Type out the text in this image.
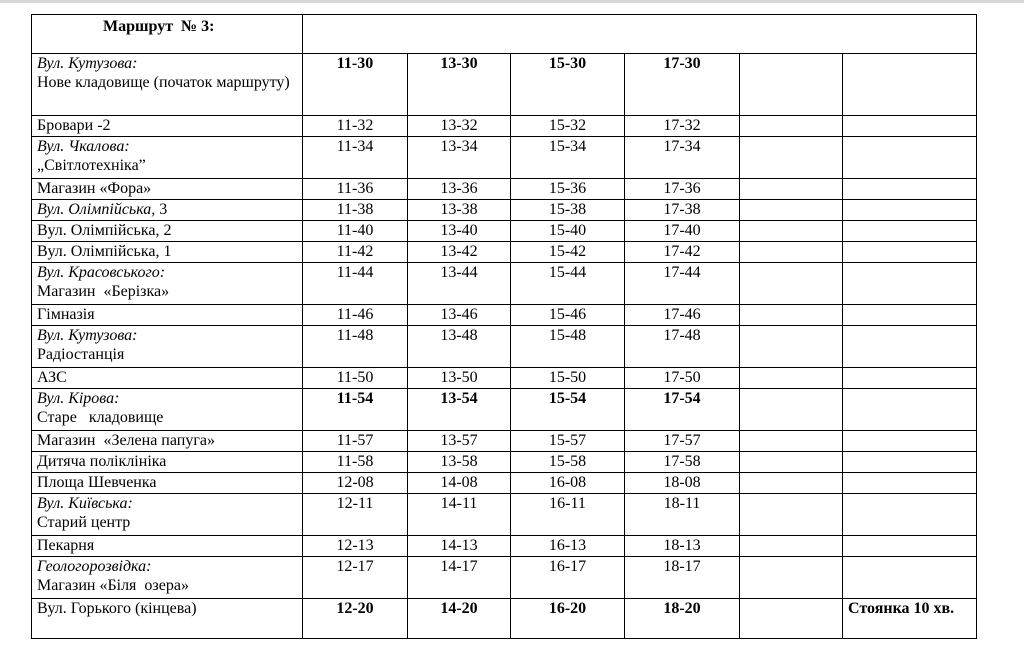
Маршрут  № 3:						

Вул. Кутузова:
Нове кладовище (початок маршруту)	11-30	13-30	15-30	17-30		

Бровари -2	11-32	13-32	15-32	17-32		

Вул. Чкалова:
„Світлотехніка”	11-34	13-34	15-34	17-34		

Магазин «Фора»	11-36	13-36	15-36	17-36		
Вул. Олімпійська, 3	11-38	13-38	15-38	17-38		

Вул. Олімпійська, 2	11-40	13-40	15-40	17-40		

Вул. Олімпійська, 1	11-42	13-42	15-42	17-42		

Вул. Красовського:
Магазин  «Берізка»	11-44	13-44	15-44	17-44		

Гімназія	11-46	13-46	15-46	17-46		

Вул. Кутузова:
Радіостанція	11-48	13-48	15-48	17-48		

АЗС	11-50	13-50	15-50	17-50		

Вул. Кірова:
Старе   кладовище	11-54	13-54	15-54	17-54		

Магазин  «Зелена папуга»	11-57	13-57	15-57	17-57		

Дитяча поліклініка	11-58	13-58	15-58	17-58		

Площа Шевченка	12-08	14-08	16-08	18-08		

Вул. Київська:
Старий центр	12-11	14-11	16-11	18-11		

Пекарня	12-13	14-13	16-13	18-13		

Геологорозвідка:
Магазин «Біля  озера»	12-17	14-17	16-17	18-17		

Вул. Горького (кінцева)	12-20	14-20	16-20	18-20		Стоянка 10 хв.
